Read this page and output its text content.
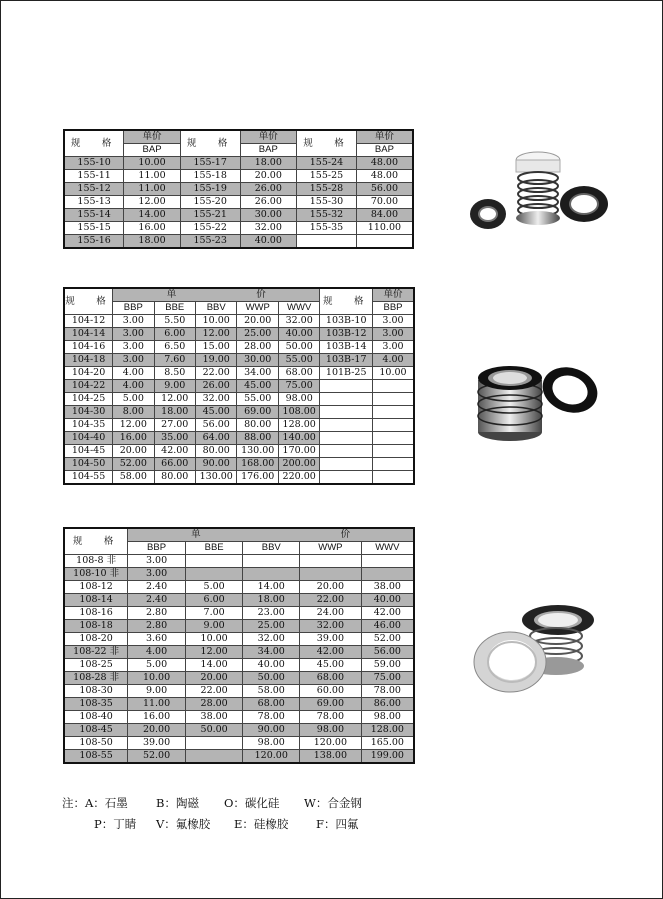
规　格	单价	规　格	单价	规　格	单价
	BAP		BAP		BAP
155-10	10.00	155-17	18.00	155-24	48.00
155-11	11.00	155-18	20.00	155-25	48.00
155-12	11.00	155-19	26.00	155-28	56.00
155-13	12.00	155-20	26.00	155-30	70.00
155-14	14.00	155-21	30.00	155-32	84.00
155-15	16.00	155-22	32.00	155-35	110.00
155-16	18.00	155-23	40.00		
规　格	单 价					规　格	单价
	BBP	BBE	BBV	WWP	WWV		BBP
104-12	3.00	5.50	10.00	20.00	32.00	103B-10	3.00
104-14	3.00	6.00	12.00	25.00	40.00	103B-12	3.00
104-16	3.00	6.50	15.00	28.00	50.00	103B-14	3.00
104-18	3.00	7.60	19.00	30.00	55.00	103B-17	4.00
104-20	4.00	8.50	22.00	34.00	68.00	101B-25	10.00
104-22	4.00	9.00	26.00	45.00	75.00		
104-25	5.00	12.00	32.00	55.00	98.00		
104-30	8.00	18.00	45.00	69.00	108.00		
104-35	12.00	27.00	56.00	80.00	128.00		
104-40	16.00	35.00	64.00	88.00	140.00		
104-45	20.00	42.00	80.00	130.00	170.00		
104-50	52.00	66.00	90.00	168.00	200.00		
104-55	58.00	80.00	130.00	176.00	220.00		
规　格	单 价				
	BBP	BBE	BBV	WWP	WWV
108-8 非	3.00				
108-10 非	3.00				
108-12	2.40	5.00	14.00	20.00	38.00
108-14	2.40	6.00	18.00	22.00	40.00
108-16	2.80	7.00	23.00	24.00	42.00
108-18	2.80	9.00	25.00	32.00	46.00
108-20	3.60	10.00	32.00	39.00	52.00
108-22 非	4.00	12.00	34.00	42.00	56.00
108-25	5.00	14.00	40.00	45.00	59.00
108-28 非	10.00	20.00	50.00	68.00	75.00
108-30	9.00	22.00	58.00	60.00	78.00
108-35	11.00	28.00	68.00	69.00	86.00
108-40	16.00	38.00	78.00	78.00	98.00
108-45	20.00	50.00	90.00	98.00	128.00
108-50	39.00		98.00	120.00	165.00
108-55	52.00		120.00	138.00	199.00
注：A：石墨 B：陶磁 O：碳化硅 W：合金钢
P：丁睛 V：氟橡胶 E：硅橡胶 F：四氟
